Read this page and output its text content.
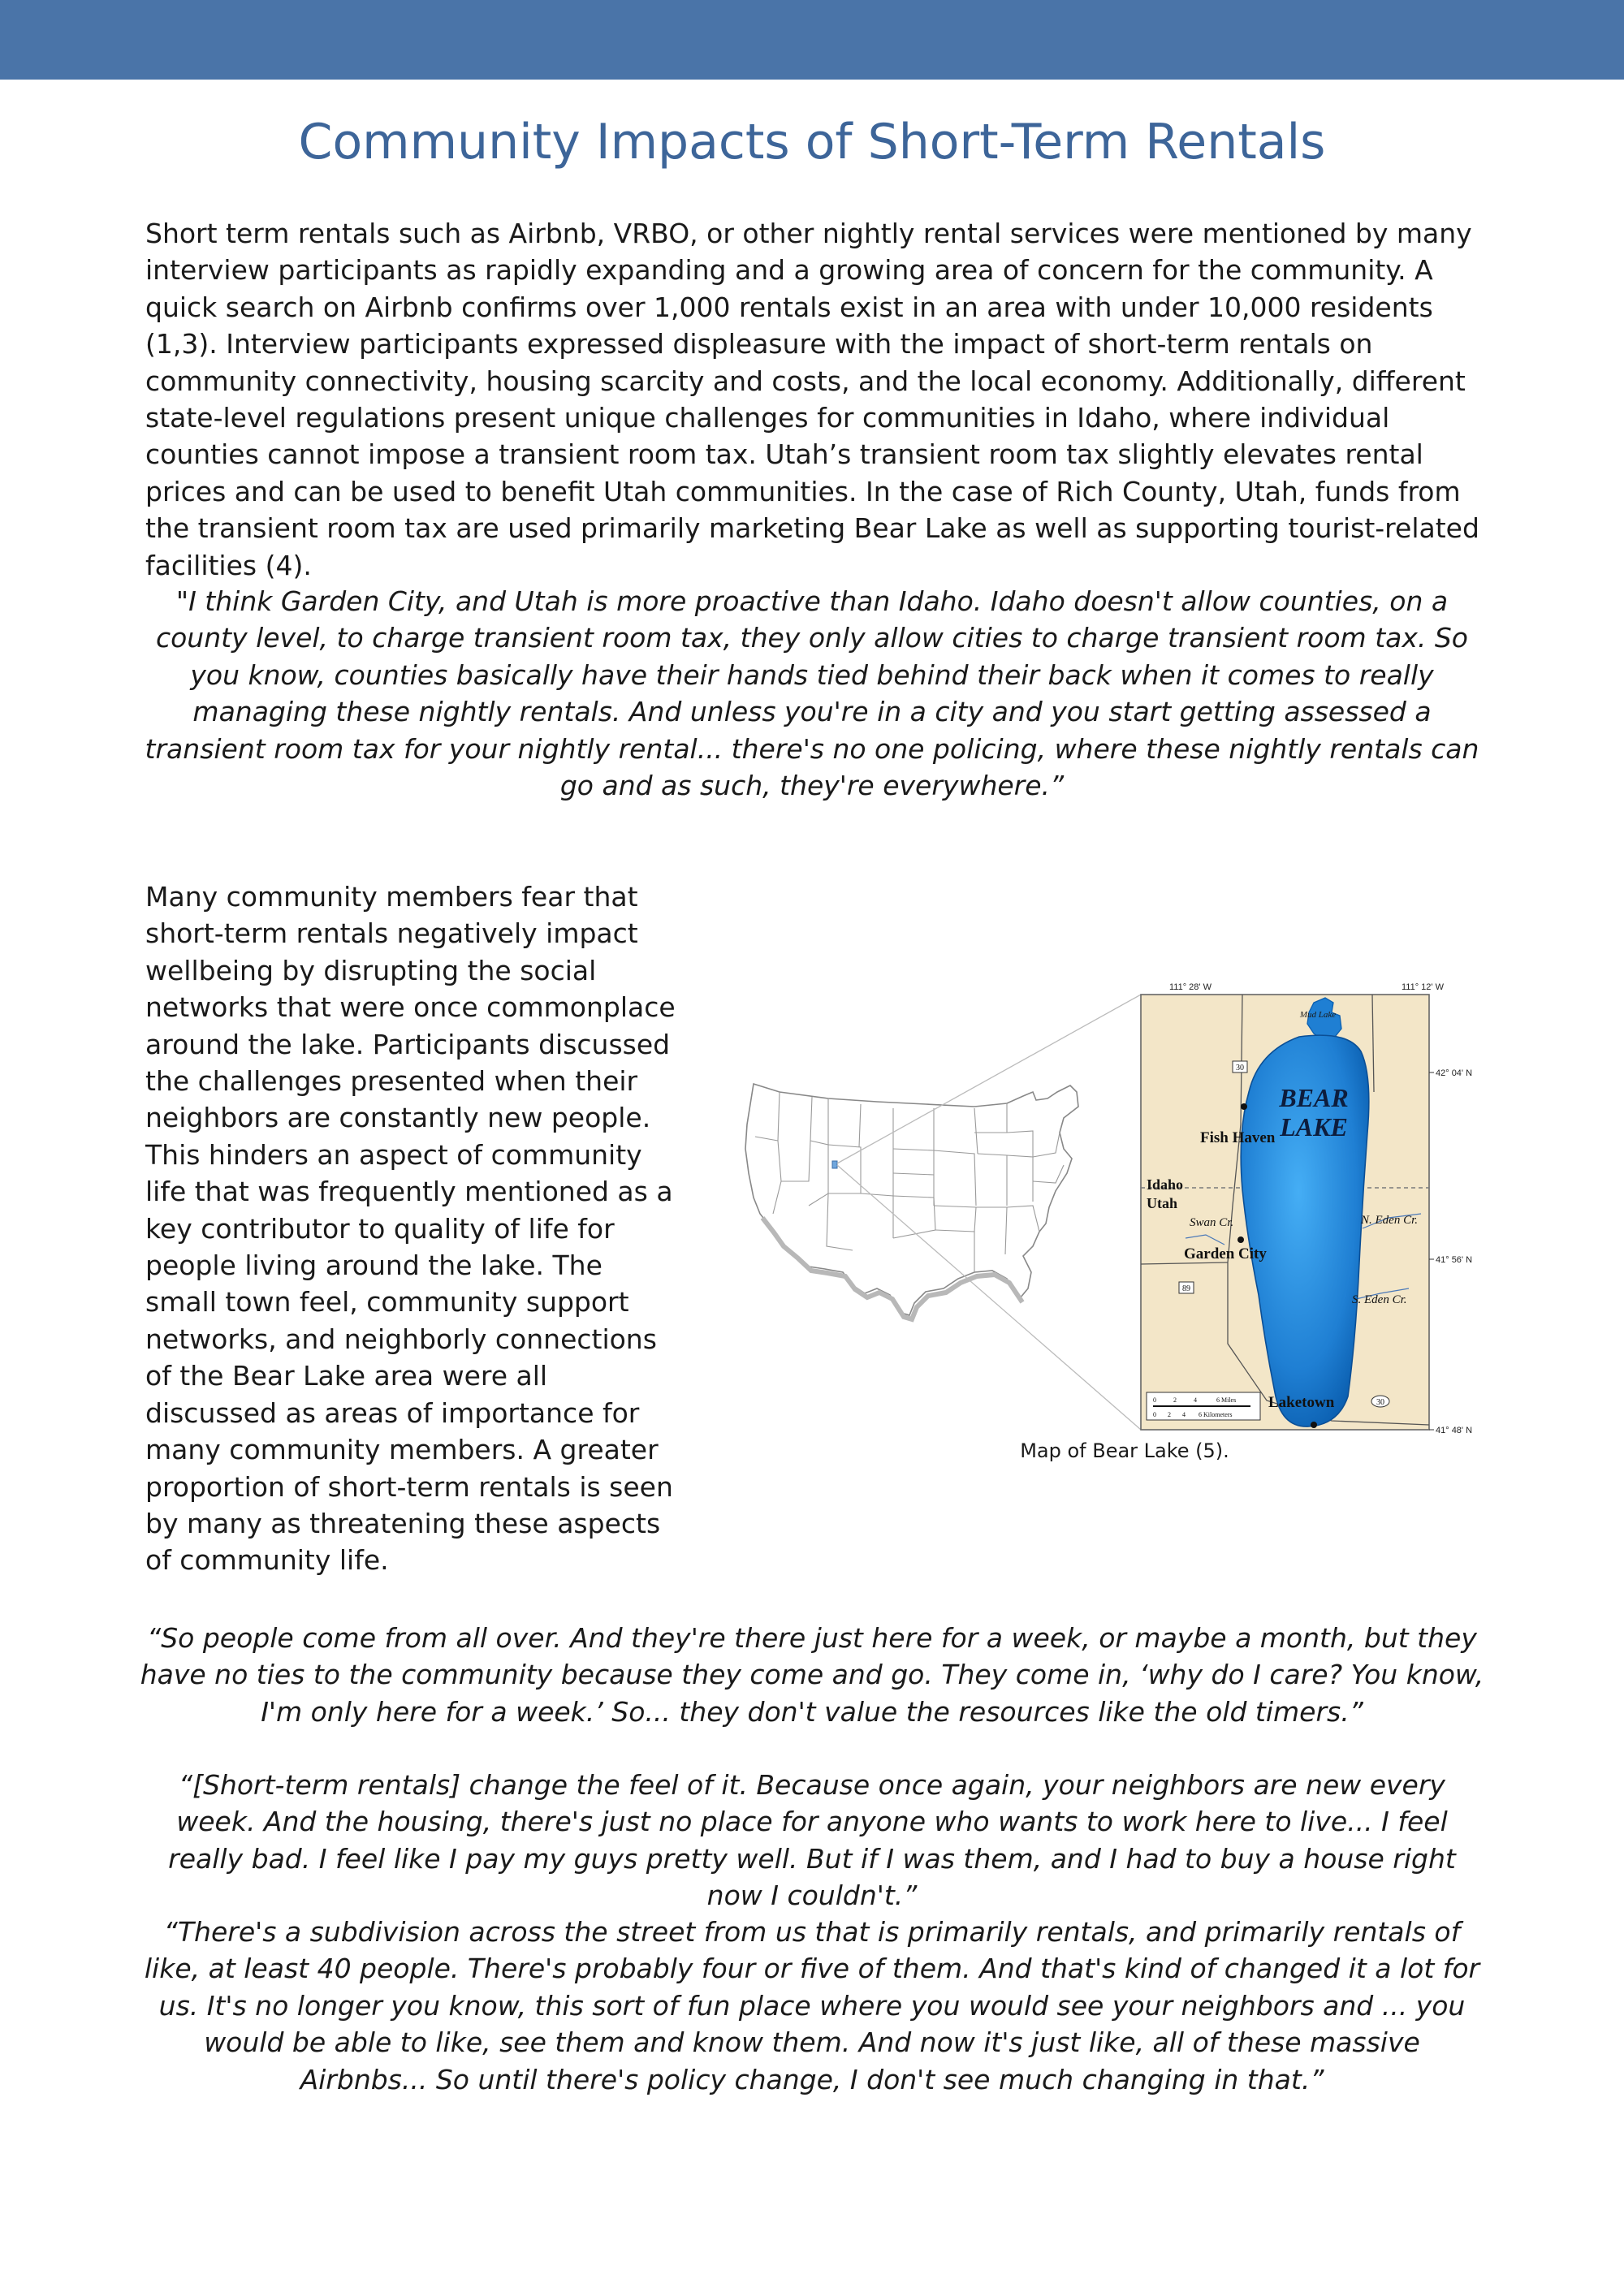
Community Impacts of Short-Term Rentals

Short term rentals such as Airbnb, VRBO, or other nightly rental services were mentioned by many interview participants as rapidly expanding and a growing area of concern for the community. A quick search on Airbnb confirms over 1,000 rentals exist in an area with under 10,000 residents (1,3). Interview participants expressed displeasure with the impact of short-term rentals on community connectivity, housing scarcity and costs, and the local economy. Additionally, different state-level regulations present unique challenges for communities in Idaho, where individual counties cannot impose a transient room tax. Utah’s transient room tax slightly elevates rental prices and can be used to benefit Utah communities. In the case of Rich County, Utah, funds from the transient room tax are used primarily marketing Bear Lake as well as supporting tourist-related facilities (4).

"I think Garden City, and Utah is more proactive than Idaho. Idaho doesn't allow counties, on a county level, to charge transient room tax, they only allow cities to charge transient room tax. So you know, counties basically have their hands tied behind their back when it comes to really managing these nightly rentals. And unless you're in a city and you start getting assessed a transient room tax for your nightly rental... there's no one policing, where these nightly rentals can go and as such, they're everywhere.”

Many community members fear that short-term rentals negatively impact wellbeing by disrupting the social networks that were once commonplace around the lake. Participants discussed the challenges presented when their neighbors are constantly new people. This hinders an aspect of community life that was frequently mentioned as a key contributor to quality of life for people living around the lake. The small town feel, community support networks, and neighborly connections of the Bear Lake area were all discussed as areas of importance for many community members. A greater proportion of short-term rentals is seen by many as threatening these aspects of community life.

Mud Lake
BEAR
LAKE
Fish Haven
Idaho
Utah
Swan Cr.
Garden City
N. Eden Cr.
S. Eden Cr.
Laketown
30
89
30
0	2	4	6 Miles
0 2 4 6 Kilometers
111° 28' W	111° 12' W
42° 04' N
41° 56' N
41° 48' N
Map of Bear Lake (5).

“So people come from all over. And they're there just here for a week, or maybe a month, but they have no ties to the community because they come and go. They come in, ‘why do I care? You know, I'm only here for a week.’ So... they don't value the resources like the old timers.”

“[Short-term rentals] change the feel of it. Because once again, your neighbors are new every week. And the housing, there's just no place for anyone who wants to work here to live... I feel really bad. I feel like I pay my guys pretty well. But if I was them, and I had to buy a house right now I couldn't.”

“There's a subdivision across the street from us that is primarily rentals, and primarily rentals of like, at least 40 people. There's probably four or five of them. And that's kind of changed it a lot for us. It's no longer you know, this sort of fun place where you would see your neighbors and ... you would be able to like, see them and know them. And now it's just like, all of these massive Airbnbs... So until there's policy change, I don't see much changing in that.”
